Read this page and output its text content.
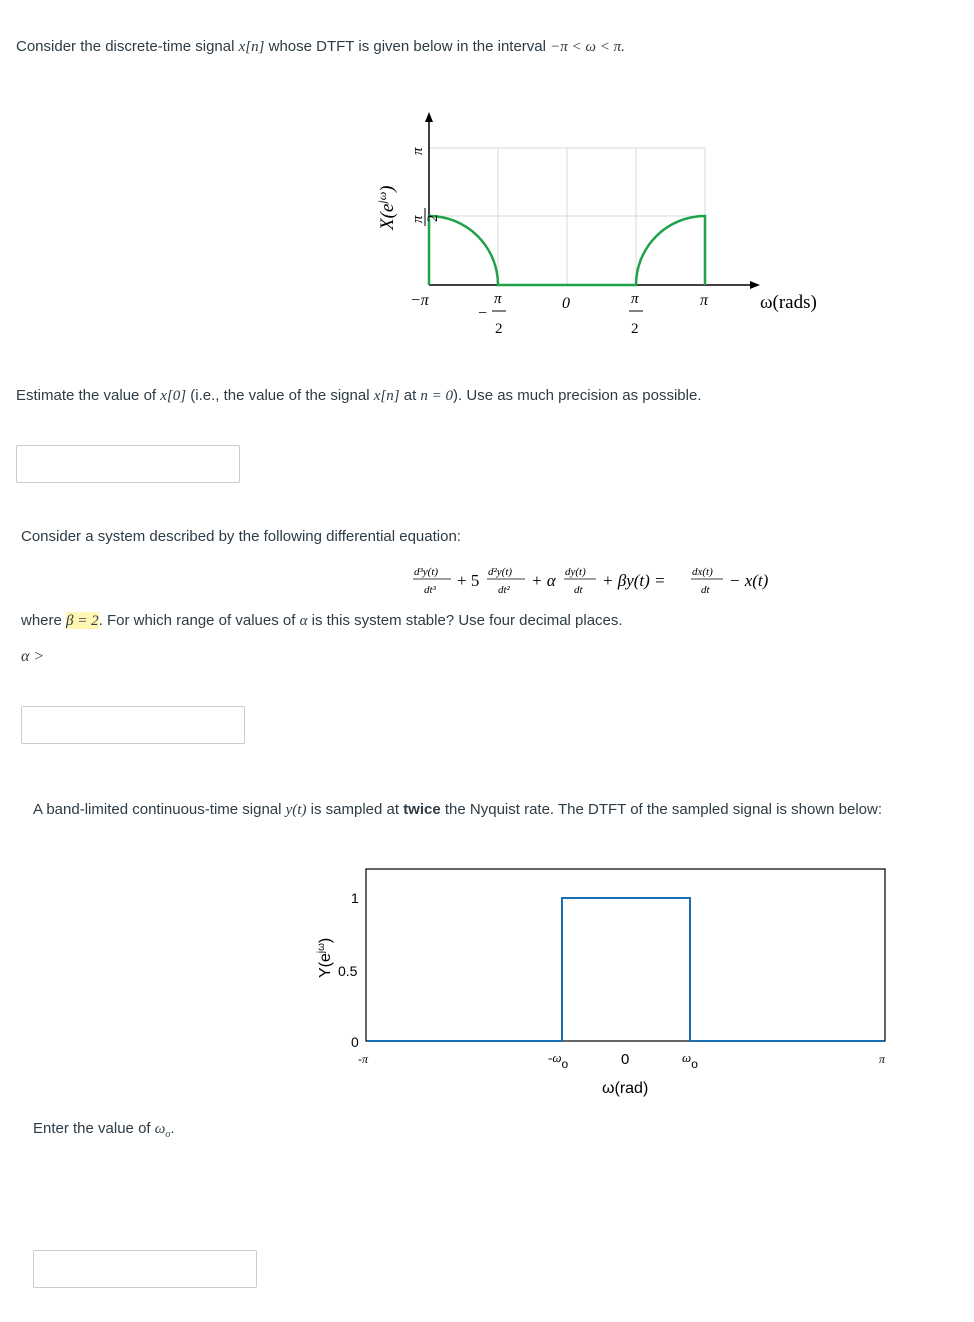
Consider the discrete-time signal x[n] whose DTFT is given below in the interval −π < ω < π.
$X(e^{j\omega})$
π
π 2
−π
−
π
2
0	π
2
π	ω(rads)
Estimate the value of x[0] (i.e., the value of the signal x[n] at n = 0). Use as much precision as possible.
Consider a system described by the following differential equation:
d³y(t)
dt³ + 5 d²y(t)
dt² + α dy(t)
dt + βy(t) = dx(t)
dt − x(t)
where β = 2. For which range of values of α is this system stable? Use four decimal places.
α >
A band-limited continuous-time signal y(t) is sampled at twice the Nyquist rate. The DTFT of the sampled signal is shown below:
$Y(e^{j\omega})$
1
0.5
0
-π	-ωo	0	ωo	π
ω(rad)
Enter the value of $\omega_o$.
